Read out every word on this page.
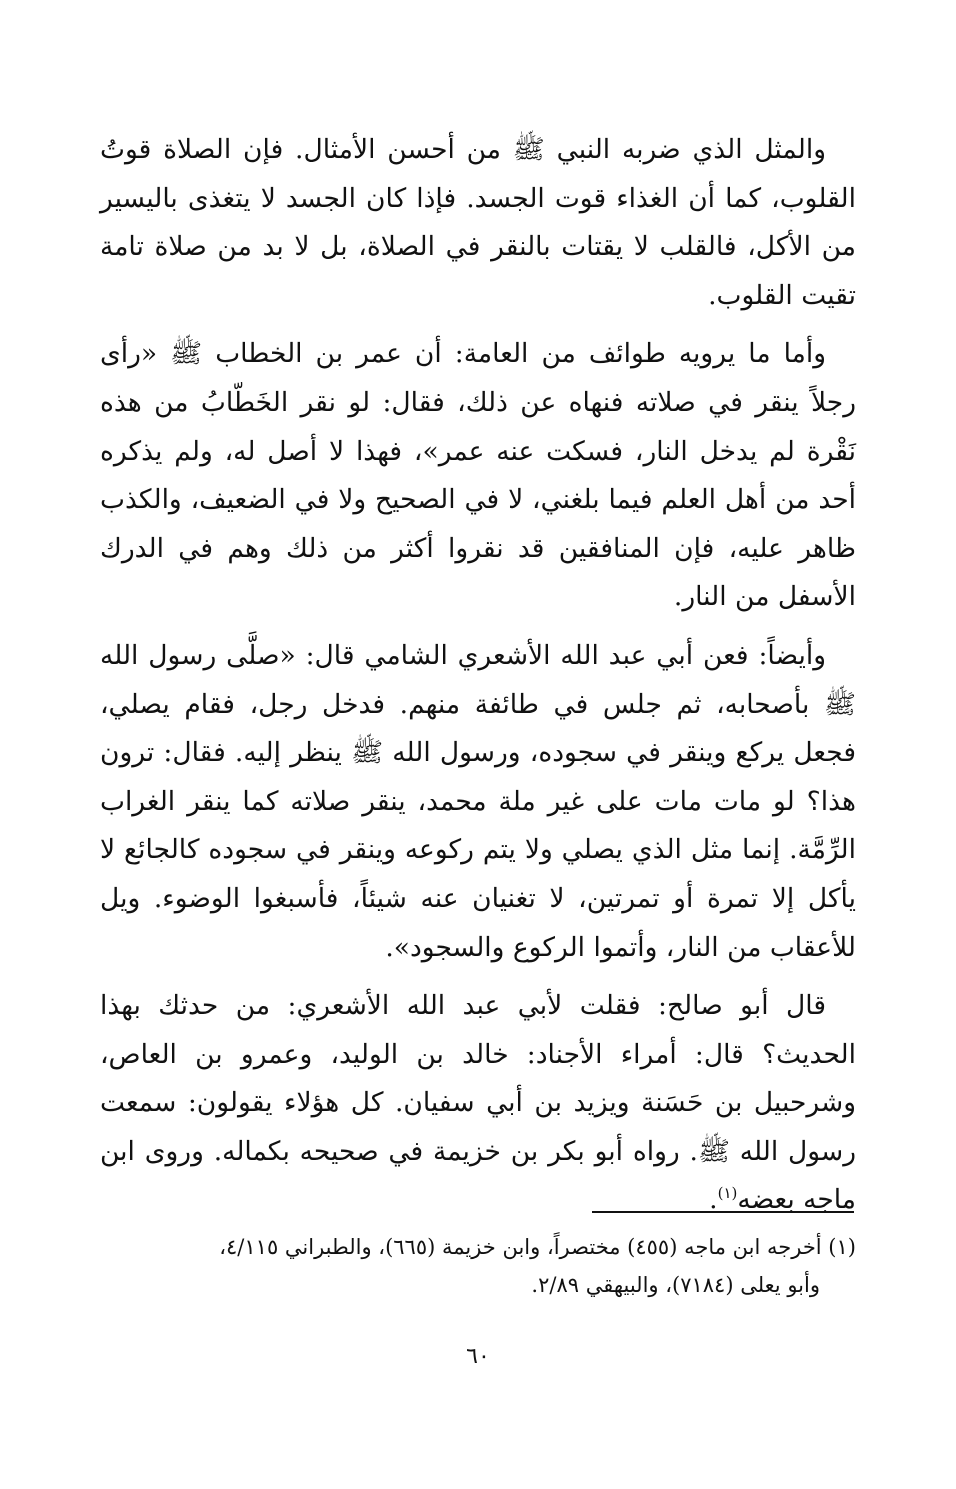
والمثل الذي ضربه النبي ﷺ من أحسن الأمثال. فإن الصلاة قوتُ القلوب، كما أن الغذاء قوت الجسد. فإذا كان الجسد لا يتغذى باليسير من الأكل، فالقلب لا يقتات بالنقر في الصلاة، بل لا بد من صلاة تامة تقيت القلوب.

وأما ما يرويه طوائف من العامة: أن عمر بن الخطاب ﷺ «رأى رجلاً ينقر في صلاته فنهاه عن ذلك، فقال: لو نقر الخَطّابُ من هذه نَقْرة لم يدخل النار، فسكت عنه عمر»، فهذا لا أصل له، ولم يذكره أحد من أهل العلم فيما بلغني، لا في الصحيح ولا في الضعيف، والكذب ظاهر عليه، فإن المنافقين قد نقروا أكثر من ذلك وهم في الدرك الأسفل من النار.

وأيضاً: فعن أبي عبد الله الأشعري الشامي قال: «صلَّى رسول الله ﷺ بأصحابه، ثم جلس في طائفة منهم. فدخل رجل، فقام يصلي، فجعل يركع وينقر في سجوده، ورسول الله ﷺ ينظر إليه. فقال: ترون هذا؟ لو مات مات على غير ملة محمد، ينقر صلاته كما ينقر الغراب الرِّمَّة. إنما مثل الذي يصلي ولا يتم ركوعه وينقر في سجوده كالجائع لا يأكل إلا تمرة أو تمرتين، لا تغنيان عنه شيئاً، فأسبغوا الوضوء. ويل للأعقاب من النار، وأتموا الركوع والسجود».

قال أبو صالح: فقلت لأبي عبد الله الأشعري: من حدثك بهذا الحديث؟ قال: أمراء الأجناد: خالد بن الوليد، وعمرو بن العاص، وشرحبيل بن حَسَنة ويزيد بن أبي سفيان. كل هؤلاء يقولون: سمعت رسول الله ﷺ. رواه أبو بكر بن خزيمة في صحيحه بكماله. وروى ابن ماجه بعضه$^{(١)}$.

(١) أخرجه ابن ماجه (٤٥٥) مختصراً، وابن خزيمة (٦٦٥)، والطبراني ٤/١١٥،

وأبو يعلى (٧١٨٤)، والبيهقي ٢/٨٩.

٦٠
